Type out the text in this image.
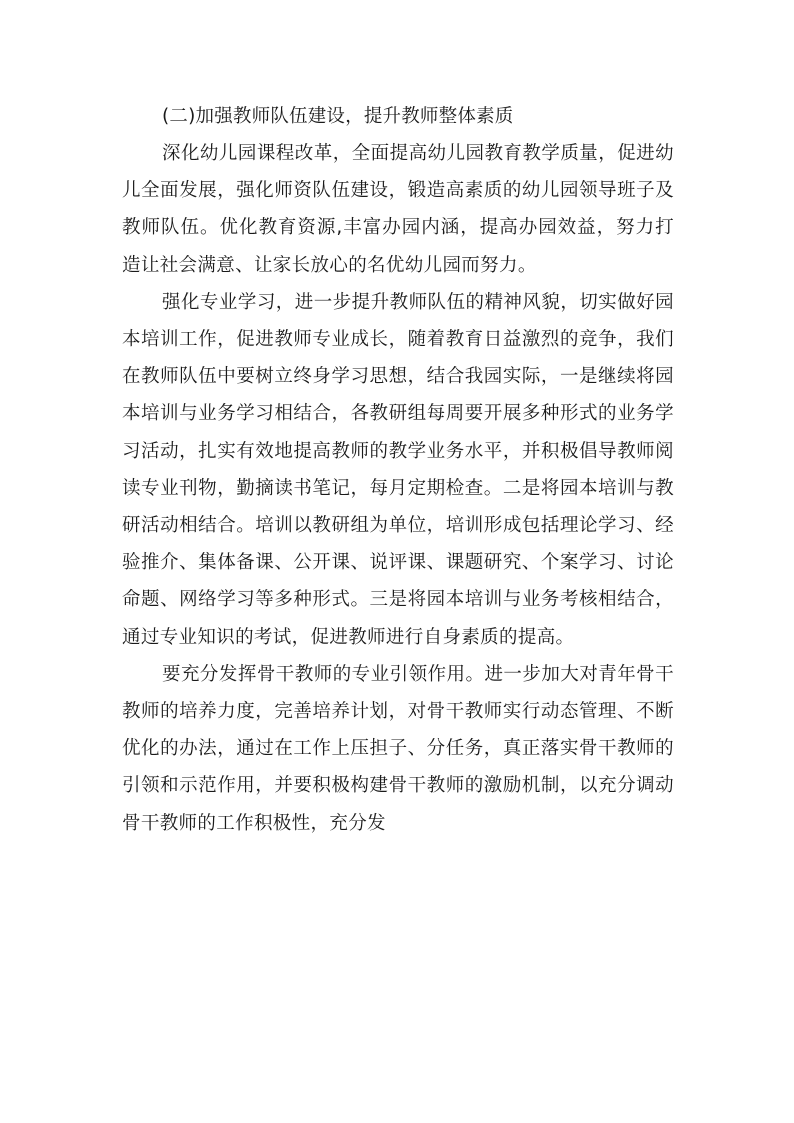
(二)加强教师队伍建设，提升教师整体素质

深化幼儿园课程改革，全面提高幼儿园教育教学质量，促进幼儿全面发展，强化师资队伍建设，锻造高素质的幼儿园领导班子及教师队伍。优化教育资源,丰富办园内涵，提高办园效益，努力打造让社会满意、让家长放心的名优幼儿园而努力。

强化专业学习，进一步提升教师队伍的精神风貌，切实做好园本培训工作，促进教师专业成长，随着教育日益激烈的竞争，我们在教师队伍中要树立终身学习思想，结合我园实际，一是继续将园本培训与业务学习相结合，各教研组每周要开展多种形式的业务学习活动，扎实有效地提高教师的教学业务水平，并积极倡导教师阅读专业刊物，勤摘读书笔记，每月定期检查。二是将园本培训与教研活动相结合。培训以教研组为单位，培训形成包括理论学习、经验推介、集体备课、公开课、说评课、课题研究、个案学习、讨论命题、网络学习等多种形式。三是将园本培训与业务考核相结合，通过专业知识的考试，促进教师进行自身素质的提高。

要充分发挥骨干教师的专业引领作用。进一步加大对青年骨干教师的培养力度，完善培养计划，对骨干教师实行动态管理、不断优化的办法，通过在工作上压担子、分任务，真正落实骨干教师的引领和示范作用，并要积极构建骨干教师的激励机制，以充分调动骨干教师的工作积极性，充分发
